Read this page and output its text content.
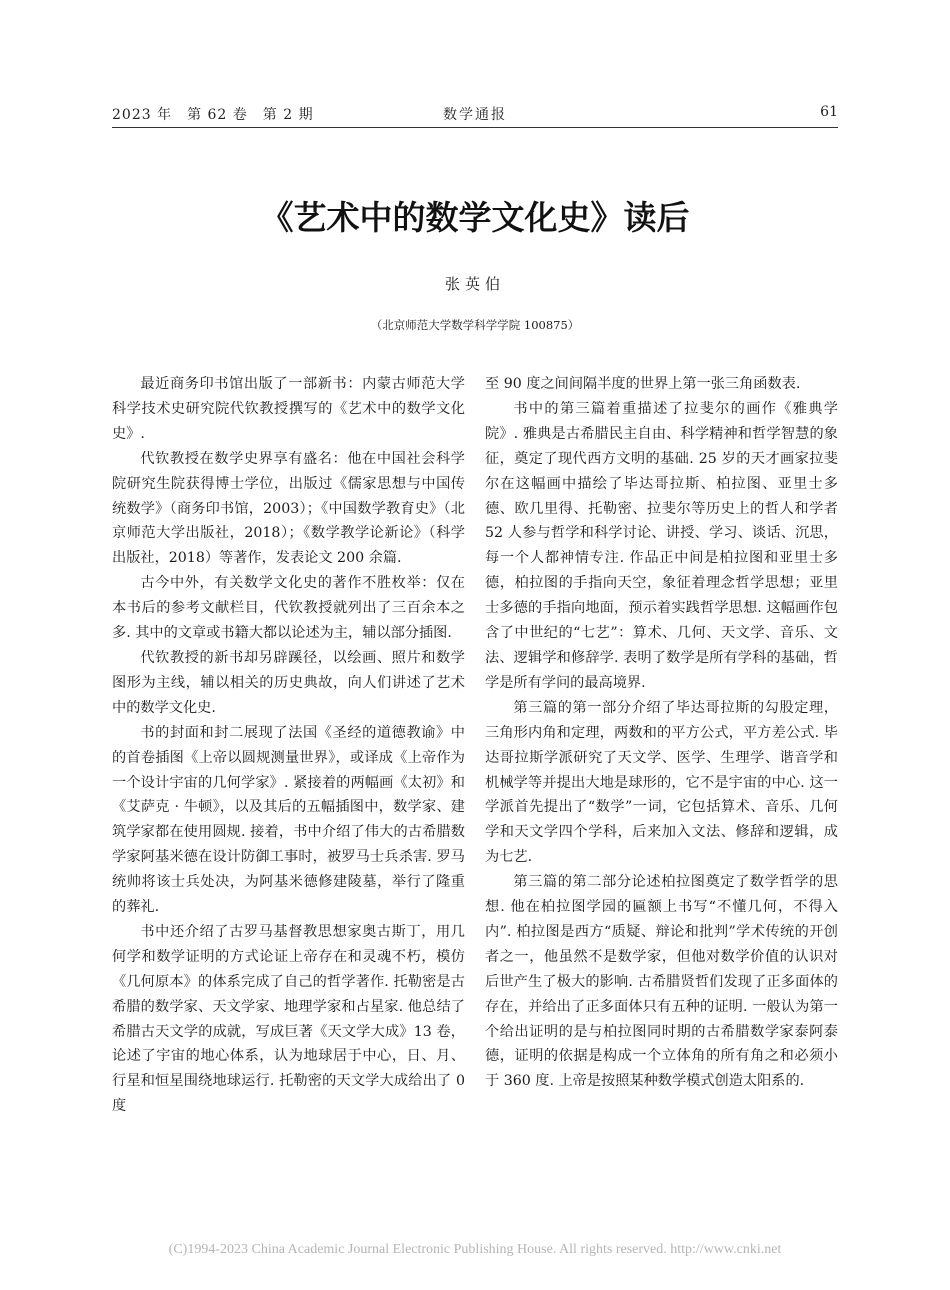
2023 年　第 62 卷　第 2 期	数学通报	61
《艺术中的数学文化史》读后
张英伯
（北京师范大学数学科学学院 100875）

最近商务印书馆出版了一部新书：内蒙古师范大学科学技术史研究院代钦教授撰写的《艺术中的数学文化史》.

代钦教授在数学史界享有盛名：他在中国社会科学院研究生院获得博士学位，出版过《儒家思想与中国传统数学》（商务印书馆，2003）；《中国数学教育史》（北京师范大学出版社，2018）；《数学教学论新论》（科学出版社，2018）等著作，发表论文 200 余篇.

古今中外，有关数学文化史的著作不胜枚举：仅在本书后的参考文献栏目，代钦教授就列出了三百余本之多. 其中的文章或书籍大都以论述为主，辅以部分插图.

代钦教授的新书却另辟蹊径，以绘画、照片和数学图形为主线，辅以相关的历史典故，向人们讲述了艺术中的数学文化史.

书的封面和封二展现了法国《圣经的道德教谕》中的首卷插图《上帝以圆规测量世界》，或译成《上帝作为一个设计宇宙的几何学家》. 紧接着的两幅画《太初》和《艾萨克 · 牛顿》，以及其后的五幅插图中，数学家、建筑学家都在使用圆规. 接着，书中介绍了伟大的古希腊数学家阿基米德在设计防御工事时，被罗马士兵杀害. 罗马统帅将该士兵处决，为阿基米德修建陵墓，举行了隆重的葬礼.

书中还介绍了古罗马基督教思想家奥古斯丁，用几何学和数学证明的方式论证上帝存在和灵魂不朽，模仿《几何原本》的体系完成了自己的哲学著作. 托勒密是古希腊的数学家、天文学家、地理学家和占星家. 他总结了希腊古天文学的成就，写成巨著《天文学大成》13 卷，论述了宇宙的地心体系，认为地球居于中心，日、月、行星和恒星围绕地球运行. 托勒密的天文学大成给出了 0 度

至 90 度之间间隔半度的世界上第一张三角函数表.

书中的第三篇着重描述了拉斐尔的画作《雅典学院》. 雅典是古希腊民主自由、科学精神和哲学智慧的象征，奠定了现代西方文明的基础. 25 岁的天才画家拉斐尔在这幅画中描绘了毕达哥拉斯、柏拉图、亚里士多德、欧几里得、托勒密、拉斐尔等历史上的哲人和学者 52 人参与哲学和科学讨论、讲授、学习、谈话、沉思，每一个人都神情专注. 作品正中间是柏拉图和亚里士多德，柏拉图的手指向天空，象征着理念哲学思想；亚里士多德的手指向地面，预示着实践哲学思想. 这幅画作包含了中世纪的“七艺”：算术、几何、天文学、音乐、文法、逻辑学和修辞学. 表明了数学是所有学科的基础，哲学是所有学问的最高境界.

第三篇的第一部分介绍了毕达哥拉斯的勾股定理，三角形内角和定理，两数和的平方公式，平方差公式. 毕达哥拉斯学派研究了天文学、医学、生理学、谐音学和机械学等并提出大地是球形的，它不是宇宙的中心. 这一学派首先提出了“数学”一词，它包括算术、音乐、几何学和天文学四个学科，后来加入文法、修辞和逻辑，成为七艺.

第三篇的第二部分论述柏拉图奠定了数学哲学的思想. 他在柏拉图学园的匾额上书写“不懂几何，不得入内”. 柏拉图是西方“质疑、辩论和批判”学术传统的开创者之一，他虽然不是数学家，但他对数学价值的认识对后世产生了极大的影响. 古希腊贤哲们发现了正多面体的存在，并给出了正多面体只有五种的证明. 一般认为第一个给出证明的是与柏拉图同时期的古希腊数学家泰阿泰德，证明的依据是构成一个立体角的所有角之和必须小于 360 度. 上帝是按照某种数学模式创造太阳系的.

(C)1994-2023 China Academic Journal Electronic Publishing House. All rights reserved. http://www.cnki.net
